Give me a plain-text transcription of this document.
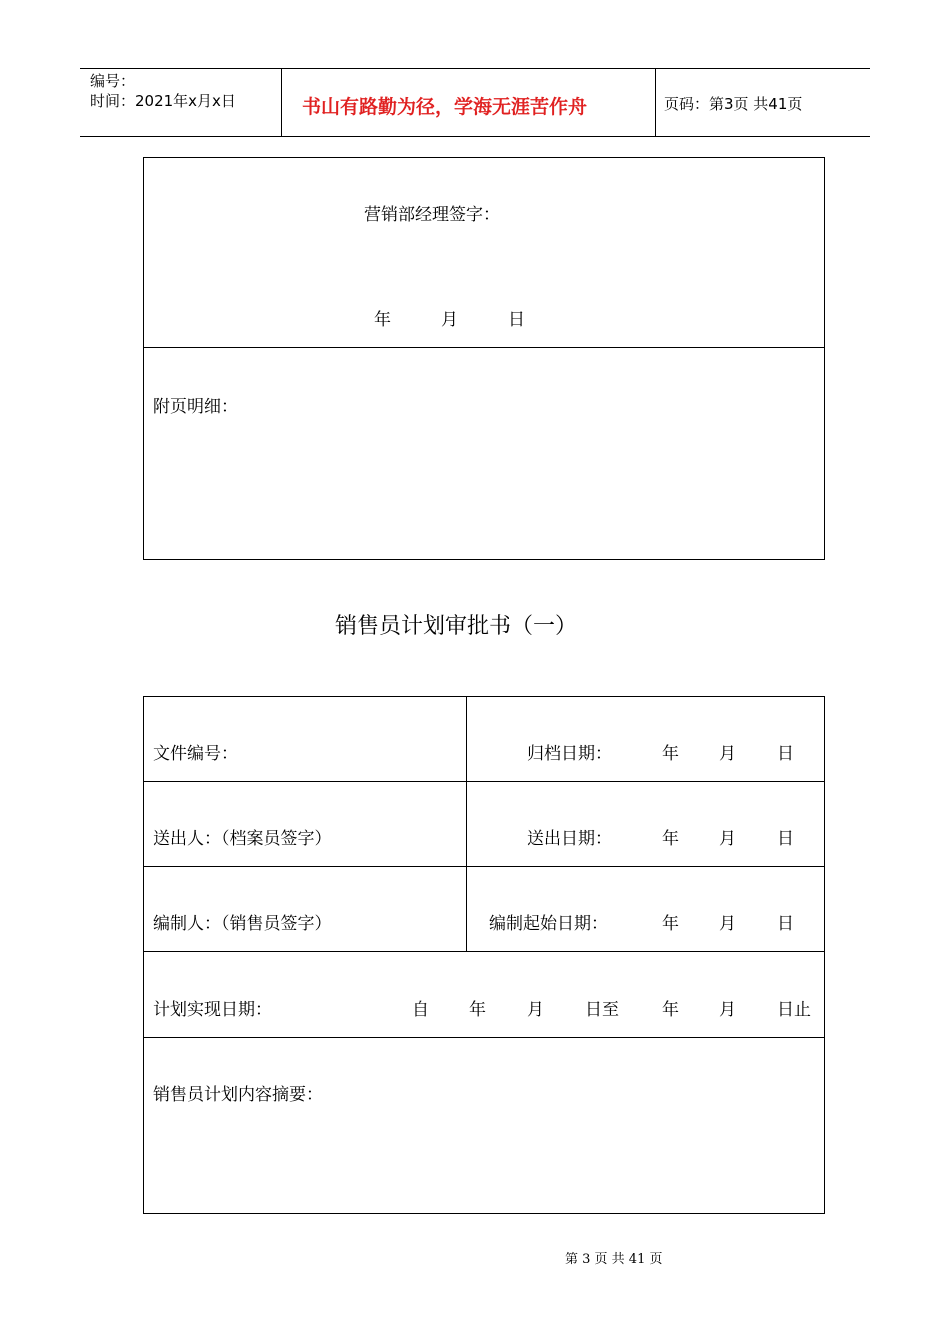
编号：
时间：2021年x月x日	书山有路勤为径，学海无涯苦作舟	页码：第3页 共41页
营销部经理签字：
年	月	日
附页明细：
销售员计划审批书（一）
文件编号：	归档日期：	年 月 日
送出人：（档案员签字）	送出日期：	年 月 日
编制人：（销售员签字）	编制起始日期：	年 月 日
计划实现日期：	自 年 月 日至	年 月 日止
销售员计划内容摘要：
第 3 页 共 41 页
